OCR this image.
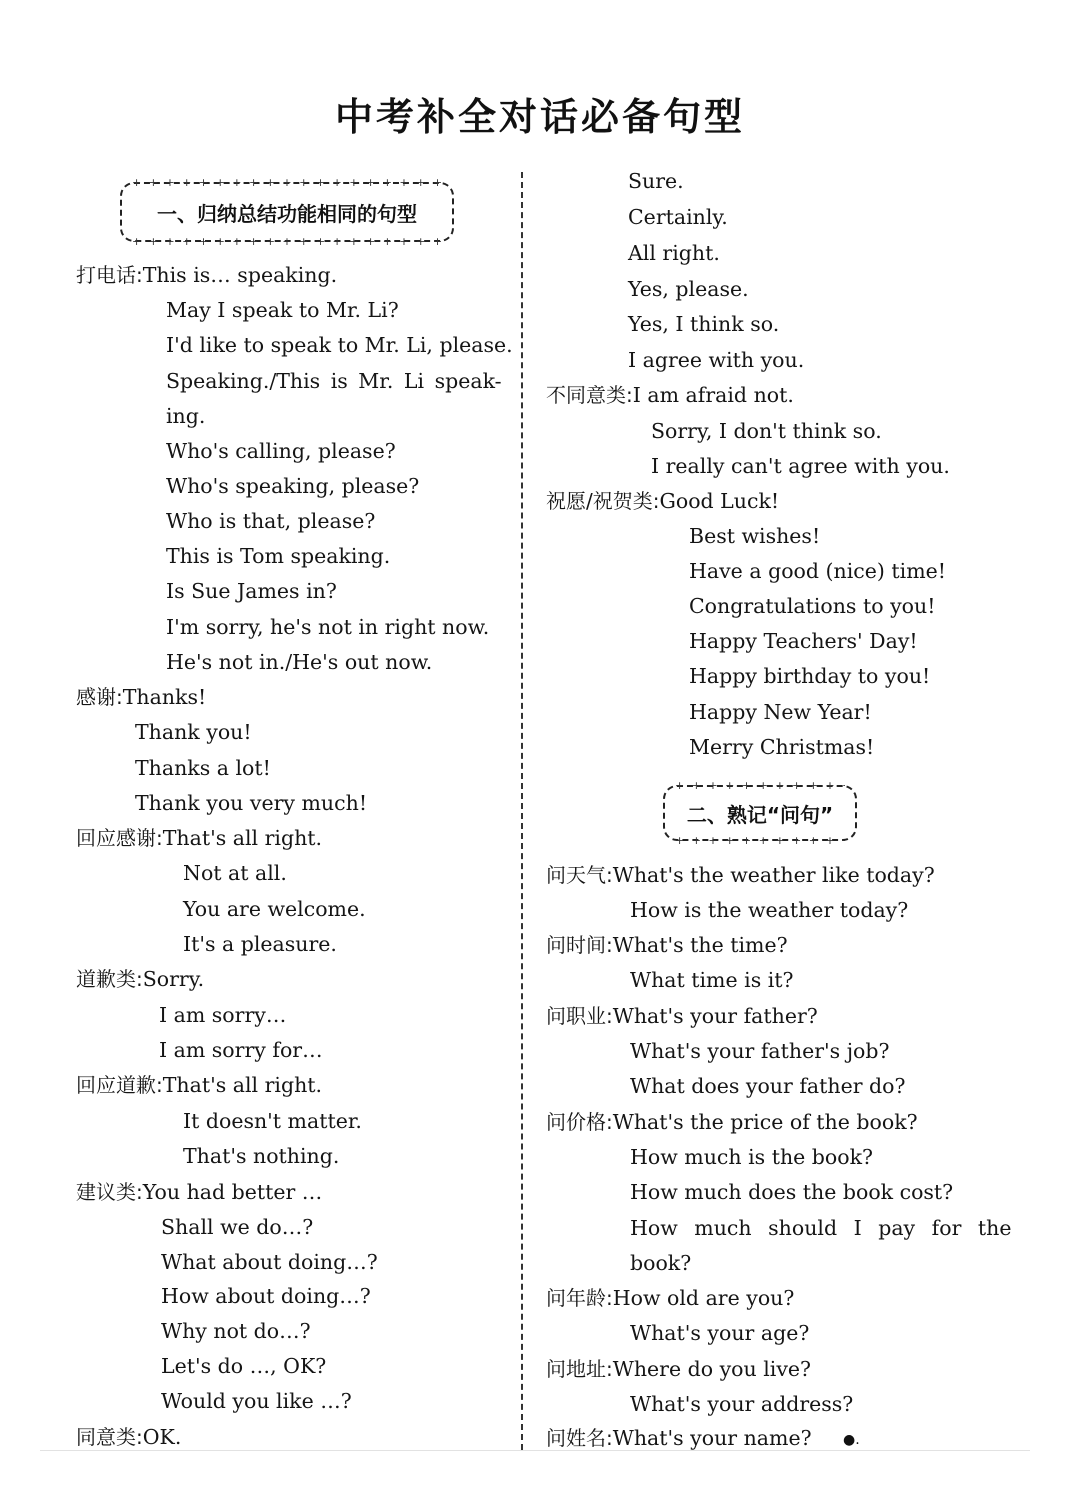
中考补全对话必备句型
+ + + + + + + + + + + + + + + + + + + + + 一、归纳总结功能相同的句型 + + + + + + + + + + + + + + + + + + + + +
+ + + + + + + + + + + + + + + + + + + + + 二、熟记“问句” + + + + + + + + + + + + + + + + + + + + +
打电话:This is… speaking.
May I speak to Mr. Li?
I'd like to speak to Mr. Li, please.
Speaking./This is Mr. Li speak-
ing.
Who's calling, please?
Who's speaking, please?
Who is that, please?
This is Tom speaking.
Is Sue James in?
I'm sorry, he's not in right now.
He's not in./He's out now.
感谢:Thanks!
Thank you!
Thanks a lot!
Thank you very much!
回应感谢:That's all right.
Not at all.
You are welcome.
It's a pleasure.
道歉类:Sorry.
I am sorry…
I am sorry for…
回应道歉:That's all right.
It doesn't matter.
That's nothing.
建议类:You had better …
Shall we do…?
What about doing…?
How about doing…?
Why not do…?
Let's do …, OK?
Would you like …?
同意类:OK.
Sure.
Certainly.
All right.
Yes, please.
Yes, I think so.
I agree with you.
不同意类:I am afraid not.
Sorry, I don't think so.
I really can't agree with you.
祝愿/祝贺类:Good Luck!
Best wishes!
Have a good (nice) time!
Congratulations to you!
Happy Teachers' Day!
Happy birthday to you!
Happy New Year!
Merry Christmas!
问天气:What's the weather like today?
How is the weather today?
问时间:What's the time?
What time is it?
问职业:What's your father?
What's your father's job?
What does your father do?
问价格:What's the price of the book?
How much is the book?
How much does the book cost?
How much should I pay for the
book?
问年龄:How old are you?
What's your age?
问地址:Where do you live?
What's your address?
问姓名:What's your name? ●.
